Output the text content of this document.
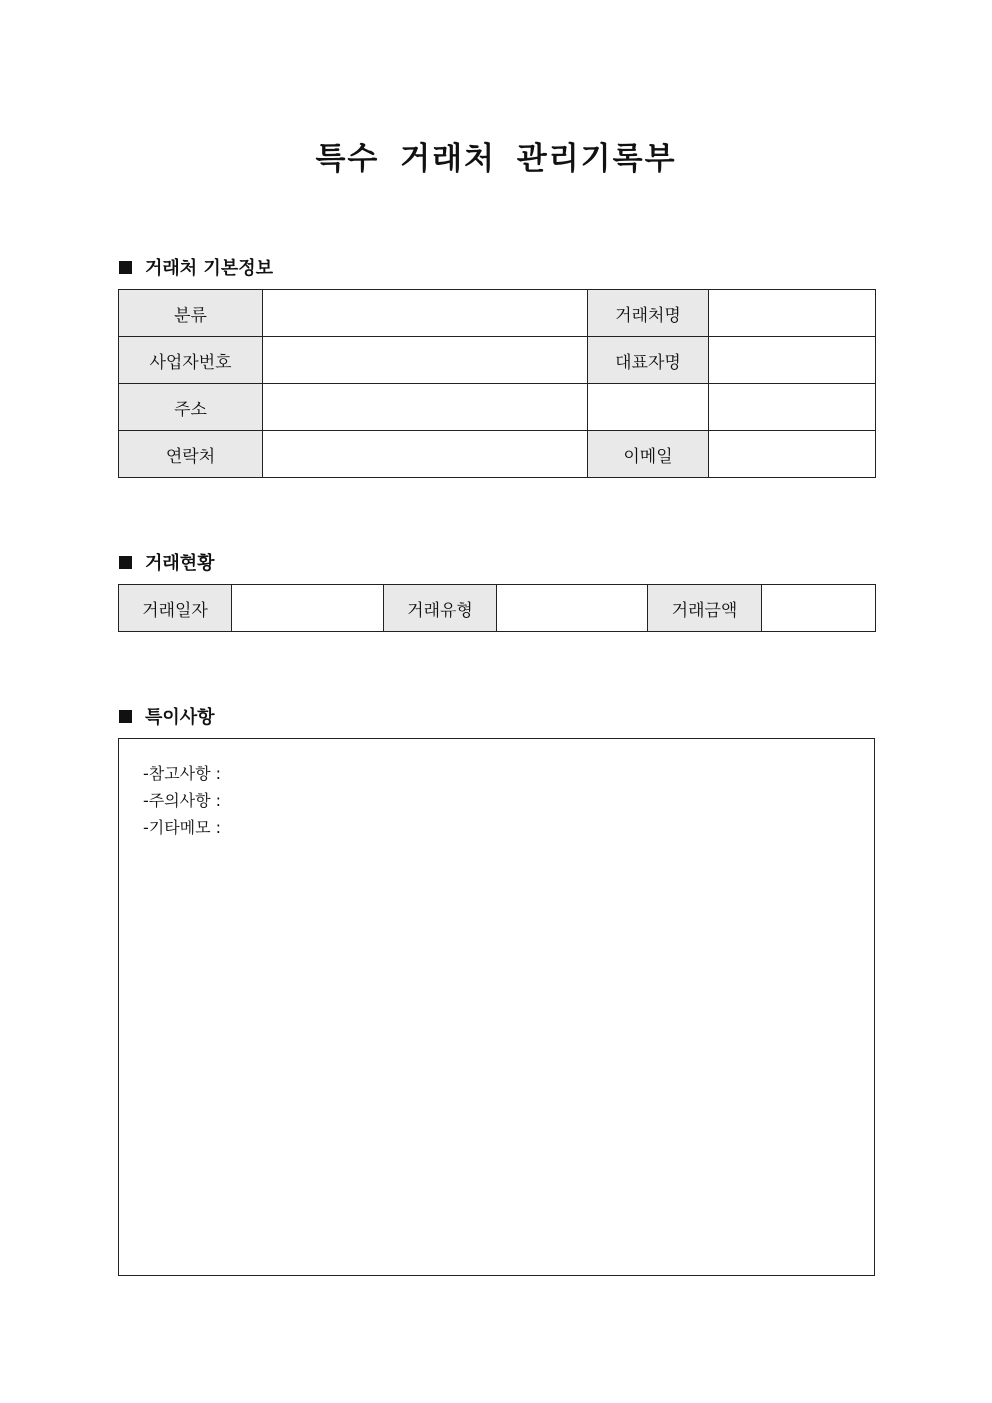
특수 거래처 관리기록부
거래처 기본정보
분류		거래처명	
사업자번호		대표자명	
주소			
연락처		이메일	
거래현황
거래일자		거래유형		거래금액	
특이사항
-참고사항 :
-주의사항 :
-기타메모 :
